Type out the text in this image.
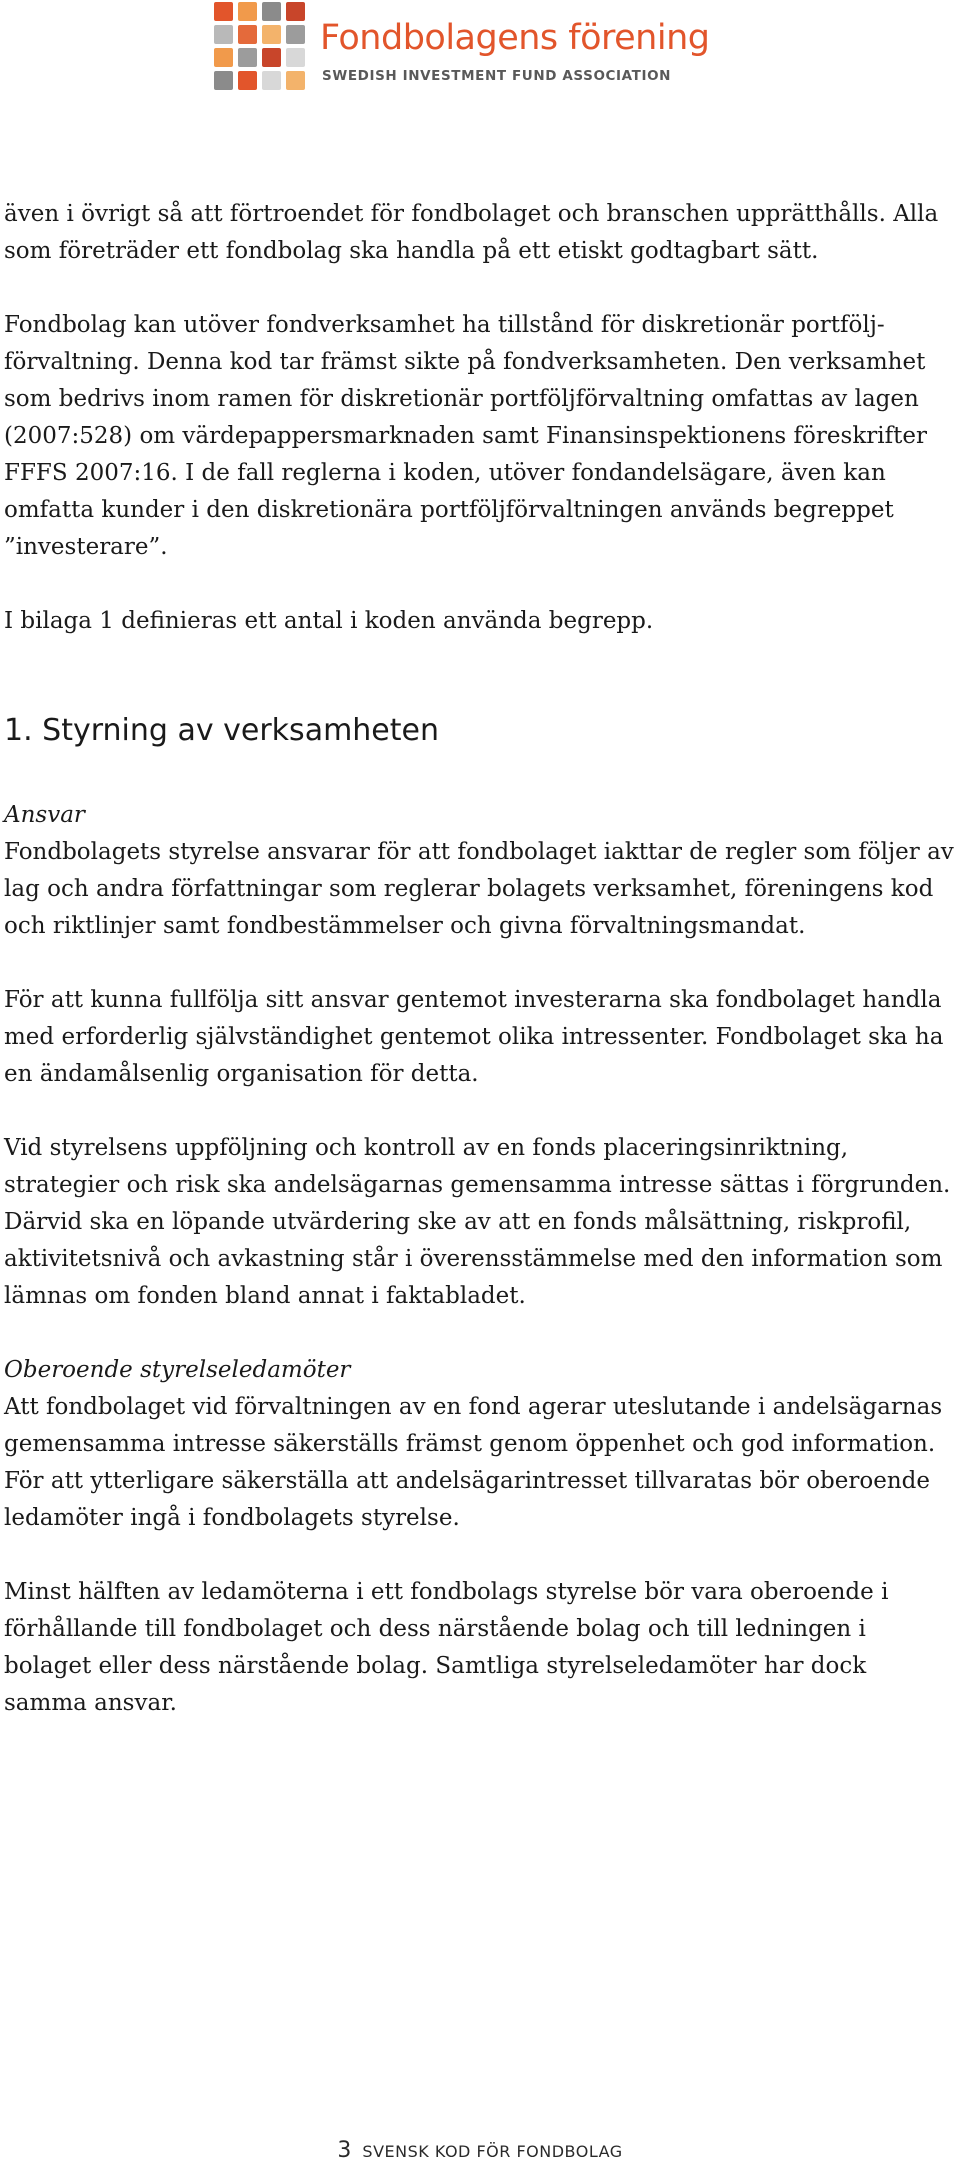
Fondbolagens förening
SWEDISH INVESTMENT FUND ASSOCIATION

även i övrigt så att förtroendet för fondbolaget och branschen upprätthålls. Alla som företräder ett fondbolag ska handla på ett etiskt godtagbart sätt.

Fondbolag kan utöver fondverksamhet ha tillstånd för diskretionär portfölj-förvaltning. Denna kod tar främst sikte på fondverksamheten. Den verksamhet som bedrivs inom ramen för diskretionär portföljförvaltning omfattas av lagen (2007:528) om värdepappersmarknaden samt Finansinspektionens föreskrifter FFFS 2007:16. I de fall reglerna i koden, utöver fondandelsägare, även kan omfatta kunder i den diskretionära portföljförvaltningen används begreppet ”investerare”.

I bilaga 1 definieras ett antal i koden använda begrepp.

1. Styrning av verksamheten

Ansvar

Fondbolagets styrelse ansvarar för att fondbolaget iakttar de regler som följer av lag och andra författningar som reglerar bolagets verksamhet, föreningens kod och riktlinjer samt fondbestämmelser och givna förvaltningsmandat.

För att kunna fullfölja sitt ansvar gentemot investerarna ska fondbolaget handla med erforderlig självständighet gentemot olika intressenter. Fondbolaget ska ha en ändamålsenlig organisation för detta.

Vid styrelsens uppföljning och kontroll av en fonds placeringsinriktning, strategier och risk ska andelsägarnas gemensamma intresse sättas i förgrunden. Därvid ska en löpande utvärdering ske av att en fonds målsättning, riskprofil, aktivitetsnivå och avkastning står i överensstämmelse med den information som lämnas om fonden bland annat i faktabladet.

Oberoende styrelseledamöter

Att fondbolaget vid förvaltningen av en fond agerar uteslutande i andelsägarnas gemensamma intresse säkerställs främst genom öppenhet och god information. För att ytterligare säkerställa att andelsägarintresset tillvaratas bör oberoende ledamöter ingå i fondbolagets styrelse.

Minst hälften av ledamöterna i ett fondbolags styrelse bör vara oberoende i förhållande till fondbolaget och dess närstående bolag och till ledningen i bolaget eller dess närstående bolag. Samtliga styrelseledamöter har dock samma ansvar.

3 SVENSK KOD FÖR FONDBOLAG
